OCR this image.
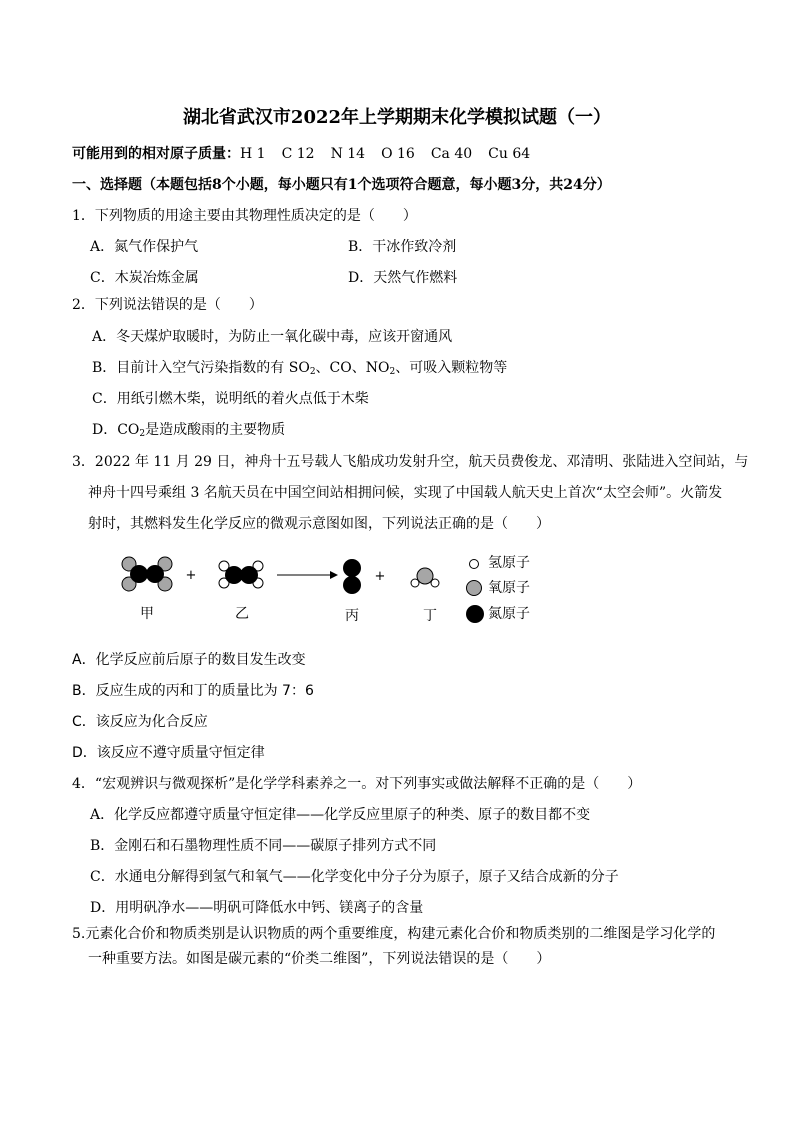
湖北省武汉市2022年上学期期末化学模拟试题（一）
可能用到的相对原子质量：H 1 C 12 N 14 O 16 Ca 40 Cu 64
一、选择题（本题包括8个小题，每小题只有1个选项符合题意，每小题3分，共24分）
1．下列物质的用途主要由其物理性质决定的是（　　）
A．氮气作保护气	B．干冰作致冷剂
C．木炭冶炼金属	D．天然气作燃料
2．下列说法错误的是（　　）
A．冬天煤炉取暖时，为防止一氧化碳中毒，应该开窗通风
B．目前计入空气污染指数的有 $SO_2$、CO、$NO_2$、可吸入颗粒物等
C．用纸引燃木柴，说明纸的着火点低于木柴
D．$CO_2$是造成酸雨的主要物质
3．2022 年 11 月 29 日，神舟十五号载人飞船成功发射升空，航天员费俊龙、邓清明、张陆进入空间站，与
神舟十四号乘组 3 名航天员在中国空间站相拥问候，实现了中国载人航天史上首次“太空会师”。火箭发
射时，其燃料发生化学反应的微观示意图如图，下列说法正确的是（　　）
甲
+
乙	丙
+
丁
氢原子
氧原子
氮原子
A．化学反应前后原子的数目发生改变
B．反应生成的丙和丁的质量比为 7：6
C．该反应为化合反应
D．该反应不遵守质量守恒定律
4．“宏观辨识与微观探析”是化学学科素养之一。对下列事实或做法解释不正确的是（　　）
A．化学反应都遵守质量守恒定律——化学反应里原子的种类、原子的数目都不变
B．金刚石和石墨物理性质不同——碳原子排列方式不同
C．水通电分解得到氢气和氧气——化学变化中分子分为原子，原子又结合成新的分子
D．用明矾净水——明矾可降低水中钙、镁离子的含量
5.元素化合价和物质类别是认识物质的两个重要维度，构建元素化合价和物质类别的二维图是学习化学的
一种重要方法。如图是碳元素的“价类二维图”，下列说法错误的是（　　）
